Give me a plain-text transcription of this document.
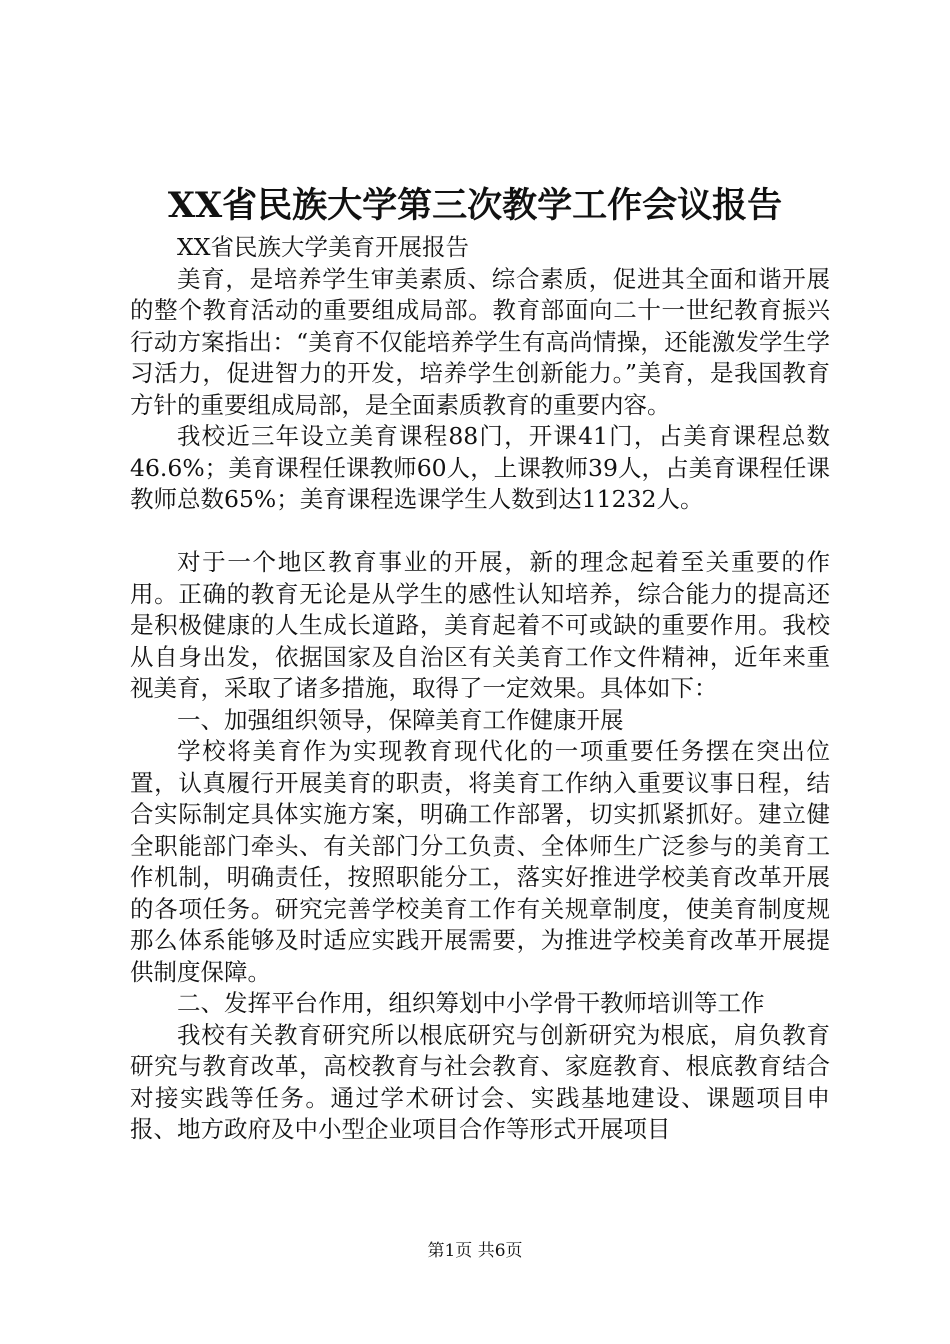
XX省民族大学第三次教学工作会议报告

XX省民族大学美育开展报告

美育，是培养学生审美素质、综合素质，促进其全面和谐开展的整个教育活动的重要组成局部。教育部面向二十一世纪教育振兴行动方案指出：“美育不仅能培养学生有高尚情操，还能激发学生学习活力，促进智力的开发，培养学生创新能力。”美育，是我国教育方针的重要组成局部，是全面素质教育的重要内容。

我校近三年设立美育课程88门，开课41门，占美育课程总数46.6%；美育课程任课教师60人，上课教师39人，占美育课程任课教师总数65%；美育课程选课学生人数到达11232人。

对于一个地区教育事业的开展，新的理念起着至关重要的作用。正确的教育无论是从学生的感性认知培养，综合能力的提高还是积极健康的人生成长道路，美育起着不可或缺的重要作用。我校从自身出发，依据国家及自治区有关美育工作文件精神，近年来重视美育，采取了诸多措施，取得了一定效果。具体如下：

一、加强组织领导，保障美育工作健康开展

学校将美育作为实现教育现代化的一项重要任务摆在突出位置，认真履行开展美育的职责，将美育工作纳入重要议事日程，结合实际制定具体实施方案，明确工作部署，切实抓紧抓好。建立健全职能部门牵头、有关部门分工负责、全体师生广泛参与的美育工作机制，明确责任，按照职能分工，落实好推进学校美育改革开展的各项任务。研究完善学校美育工作有关规章制度，使美育制度规那么体系能够及时适应实践开展需要，为推进学校美育改革开展提供制度保障。

二、发挥平台作用，组织筹划中小学骨干教师培训等工作

我校有关教育研究所以根底研究与创新研究为根底，肩负教育研究与教育改革，高校教育与社会教育、家庭教育、根底教育结合对接实践等任务。通过学术研讨会、实践基地建设、课题项目申报、地方政府及中小型企业项目合作等形式开展项目

第1页 共6页
